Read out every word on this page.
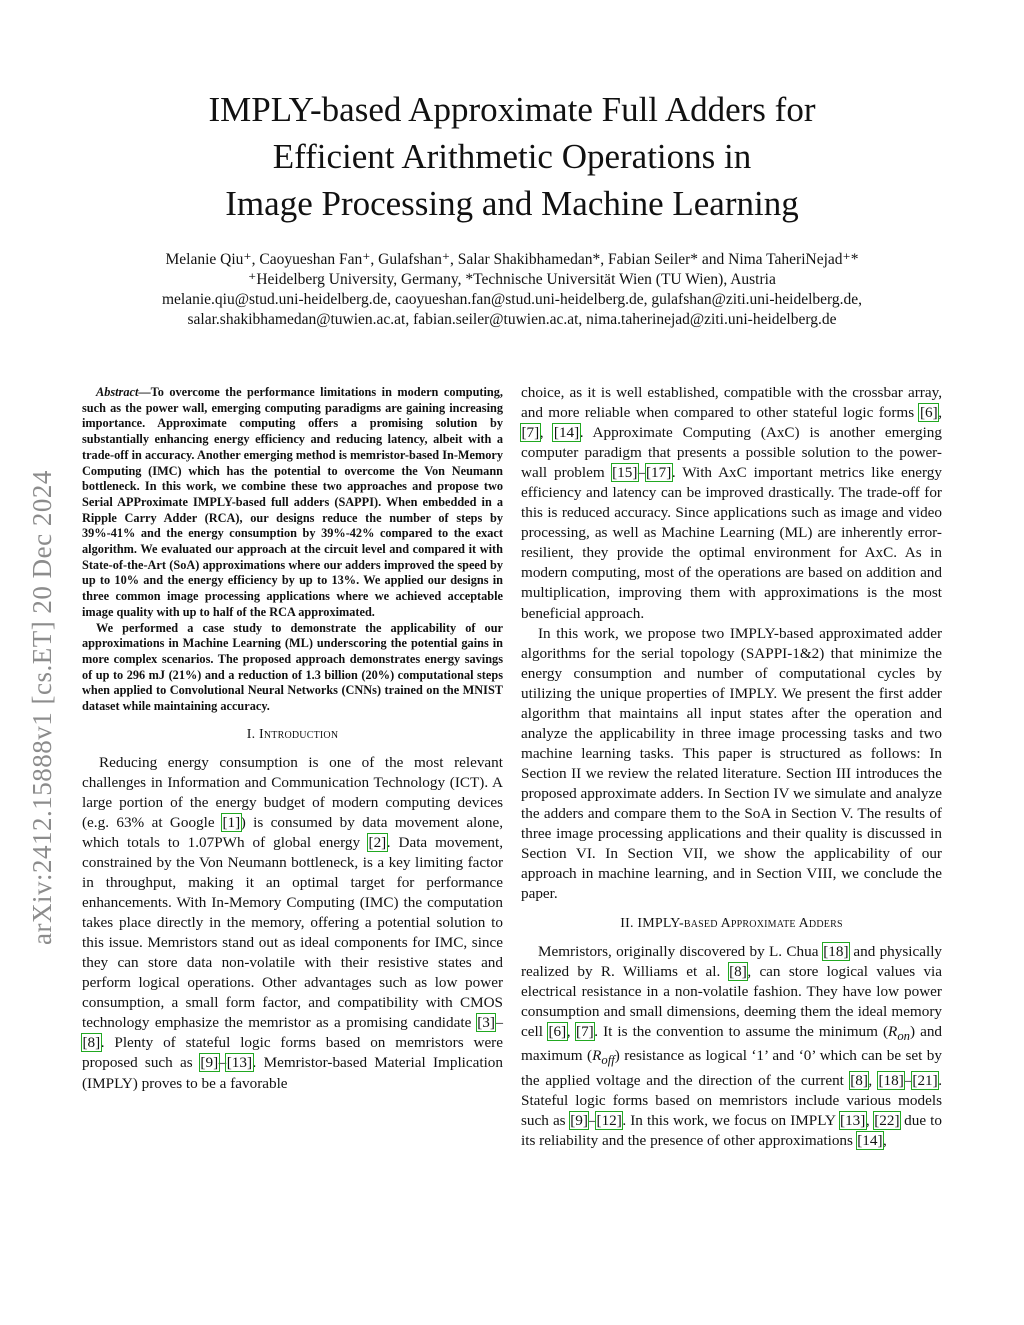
arXiv:2412.15888v1 [cs.ET] 20 Dec 2024
IMPLY-based Approximate Full Adders for
Efficient Arithmetic Operations in
Image Processing and Machine Learning
Melanie Qiu⁺, Caoyueshan Fan⁺, Gulafshan⁺, Salar Shakibhamedan*, Fabian Seiler* and Nima TaheriNejad⁺*
⁺Heidelberg University, Germany, *Technische Universität Wien (TU Wien), Austria
melanie.qiu@stud.uni-heidelberg.de, caoyueshan.fan@stud.uni-heidelberg.de, gulafshan@ziti.uni-heidelberg.de,
salar.shakibhamedan@tuwien.ac.at, fabian.seiler@tuwien.ac.at, nima.taherinejad@ziti.uni-heidelberg.de

Abstract—To overcome the performance limitations in modern computing, such as the power wall, emerging computing paradigms are gaining increasing importance. Approximate computing offers a promising solution by substantially enhancing energy efficiency and reducing latency, albeit with a trade-off in accuracy. Another emerging method is memristor-based In-Memory Computing (IMC) which has the potential to overcome the Von Neumann bottleneck. In this work, we combine these two approaches and propose two Serial APProximate IMPLY-based full adders (SAPPI). When embedded in a Ripple Carry Adder (RCA), our designs reduce the number of steps by 39%-41% and the energy consumption by 39%-42% compared to the exact algorithm. We evaluated our approach at the circuit level and compared it with State-of-the-Art (SoA) approximations where our adders improved the speed by up to 10% and the energy efficiency by up to 13%. We applied our designs in three common image processing applications where we achieved acceptable image quality with up to half of the RCA approximated.

We performed a case study to demonstrate the applicability of our approximations in Machine Learning (ML) underscoring the potential gains in more complex scenarios. The proposed approach demonstrates energy savings of up to 296 mJ (21%) and a reduction of 1.3 billion (20%) computational steps when applied to Convolutional Neural Networks (CNNs) trained on the MNIST dataset while maintaining accuracy.

I. Introduction

Reducing energy consumption is one of the most relevant challenges in Information and Communication Technology (ICT). A large portion of the energy budget of modern computing devices (e.g. 63% at Google [1]) is consumed by data movement alone, which totals to 1.07PWh of global energy [2]. Data movement, constrained by the Von Neumann bottleneck, is a key limiting factor in throughput, making it an optimal target for performance enhancements. With In-Memory Computing (IMC) the computation takes place directly in the memory, offering a potential solution to this issue. Memristors stand out as ideal components for IMC, since they can store data non-volatile with their resistive states and perform logical operations. Other advantages such as low power consumption, a small form factor, and compatibility with CMOS technology emphasize the memristor as a promising candidate [3]–[8]. Plenty of stateful logic forms based on memristors were proposed such as [9]–[13]. Memristor-based Material Implication (IMPLY) proves to be a favorable

choice, as it is well established, compatible with the crossbar array, and more reliable when compared to other stateful logic forms [6], [7], [14]. Approximate Computing (AxC) is another emerging computer paradigm that presents a possible solution to the power-wall problem [15]–[17]. With AxC important metrics like energy efficiency and latency can be improved drastically. The trade-off for this is reduced accuracy. Since applications such as image and video processing, as well as Machine Learning (ML) are inherently error-resilient, they provide the optimal environment for AxC. As in modern computing, most of the operations are based on addition and multiplication, improving them with approximations is the most beneficial approach.

In this work, we propose two IMPLY-based approximated adder algorithms for the serial topology (SAPPI-1&2) that minimize the energy consumption and number of computational cycles by utilizing the unique properties of IMPLY. We present the first adder algorithm that maintains all input states after the operation and analyze the applicability in three image processing tasks and two machine learning tasks. This paper is structured as follows: In Section II we review the related literature. Section III introduces the proposed approximate adders. In Section IV we simulate and analyze the adders and compare them to the SoA in Section V. The results of three image processing applications and their quality is discussed in Section VI. In Section VII, we show the applicability of our approach in machine learning, and in Section VIII, we conclude the paper.

II. IMPLY-based Approximate Adders

Memristors, originally discovered by L. Chua [18] and physically realized by R. Williams et al. [8], can store logical values via electrical resistance in a non-volatile fashion. They have low power consumption and small dimensions, deeming them the ideal memory cell [6], [7]. It is the convention to assume the minimum $(R_{on})$ and maximum $(R_{off})$ resistance as logical ‘1’ and ‘0’ which can be set by the applied voltage and the direction of the current [8], [18]–[21]. Stateful logic forms based on memristors include various models such as [9]–[12]. In this work, we focus on IMPLY [13], [22] due to its reliability and the presence of other approximations [14],
